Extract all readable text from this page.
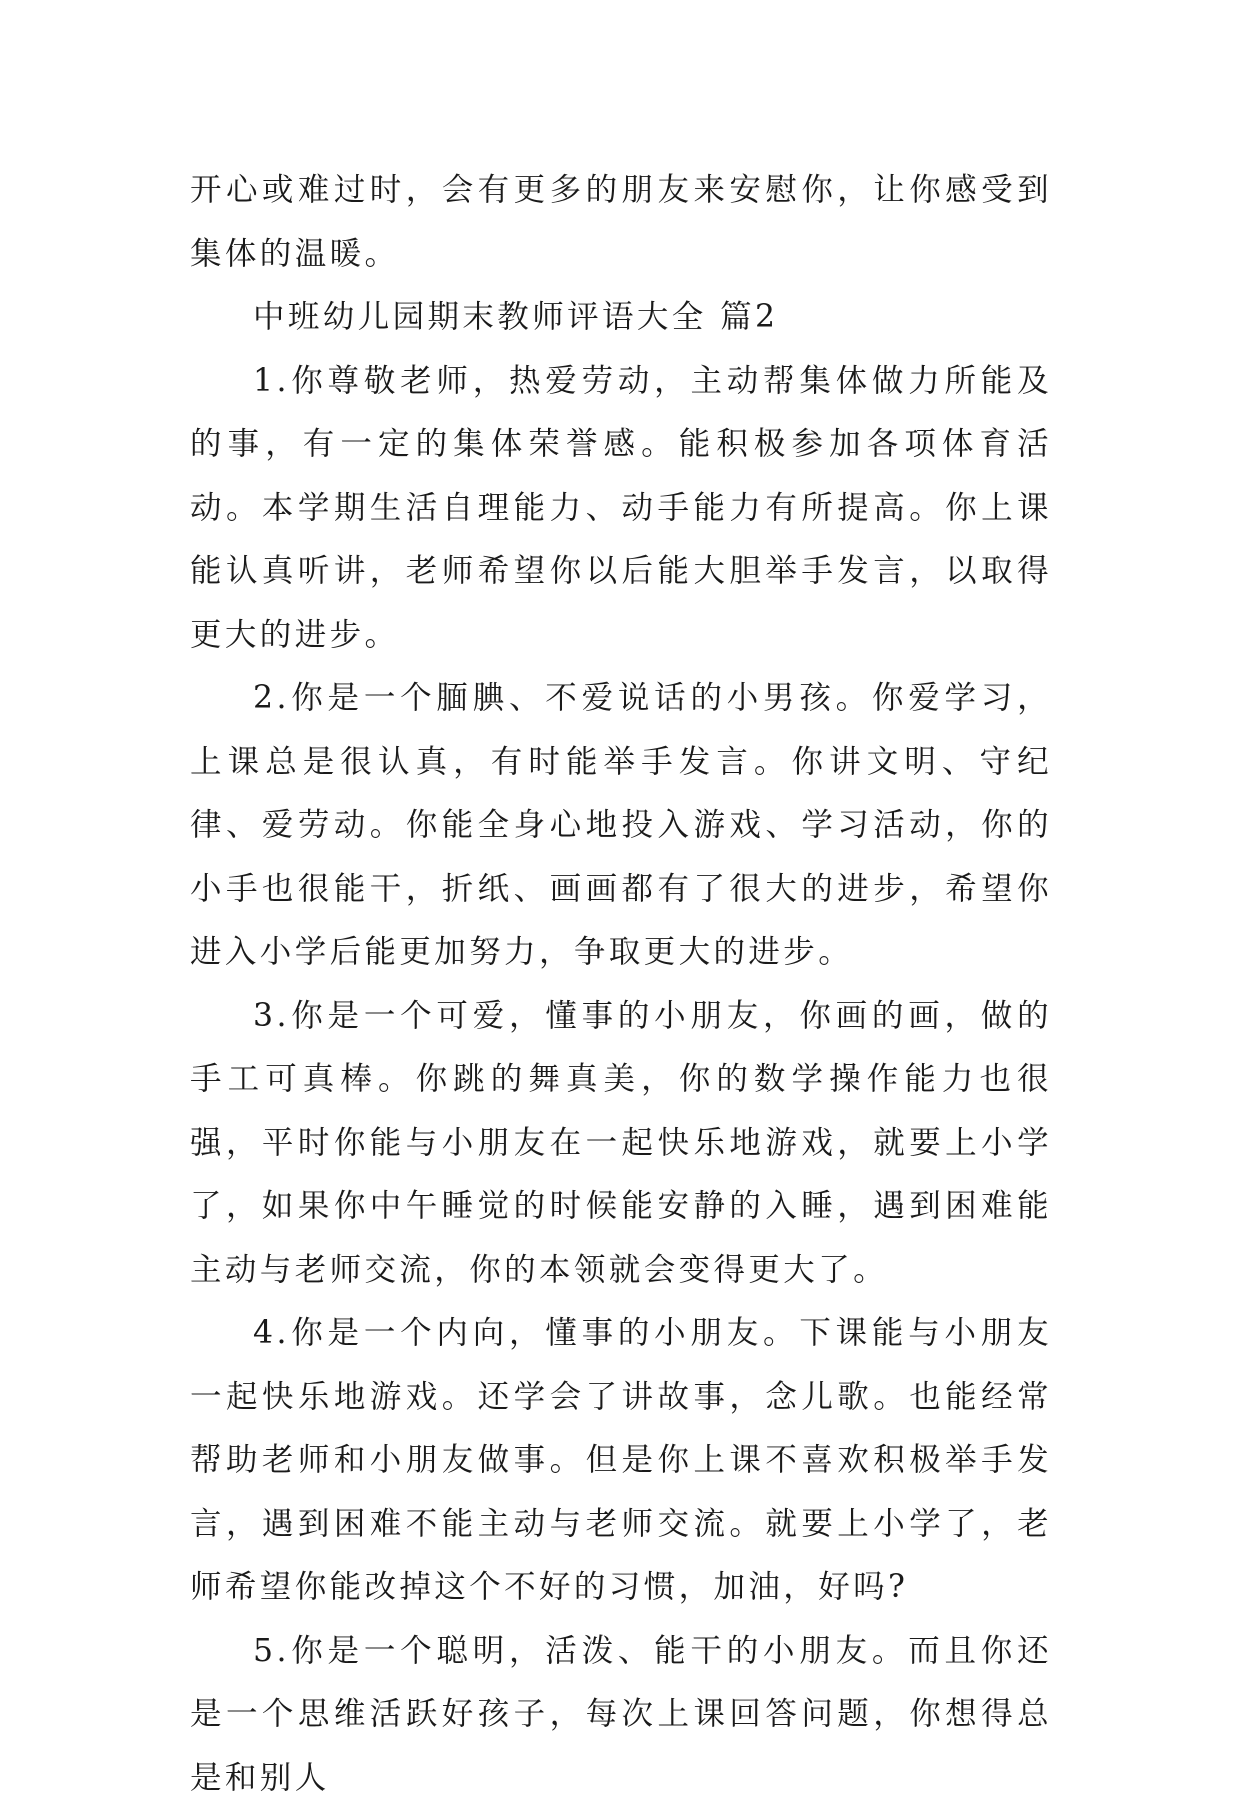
开心或难过时，会有更多的朋友来安慰你，让你感受到集体的温暖。

中班幼儿园期末教师评语大全 篇2

1.你尊敬老师，热爱劳动，主动帮集体做力所能及的事，有一定的集体荣誉感。能积极参加各项体育活动。本学期生活自理能力、动手能力有所提高。你上课能认真听讲，老师希望你以后能大胆举手发言，以取得更大的进步。

2.你是一个腼腆、不爱说话的小男孩。你爱学习，上课总是很认真，有时能举手发言。你讲文明、守纪律、爱劳动。你能全身心地投入游戏、学习活动，你的小手也很能干，折纸、画画都有了很大的进步，希望你进入小学后能更加努力，争取更大的进步。

3.你是一个可爱，懂事的小朋友，你画的画，做的手工可真棒。你跳的舞真美，你的数学操作能力也很强，平时你能与小朋友在一起快乐地游戏，就要上小学了，如果你中午睡觉的时候能安静的入睡，遇到困难能主动与老师交流，你的本领就会变得更大了。

4.你是一个内向，懂事的小朋友。下课能与小朋友一起快乐地游戏。还学会了讲故事，念儿歌。也能经常帮助老师和小朋友做事。但是你上课不喜欢积极举手发言，遇到困难不能主动与老师交流。就要上小学了，老师希望你能改掉这个不好的习惯，加油，好吗?

5.你是一个聪明，活泼、能干的小朋友。而且你还是一个思维活跃好孩子，每次上课回答问题，你想得总是和别人
